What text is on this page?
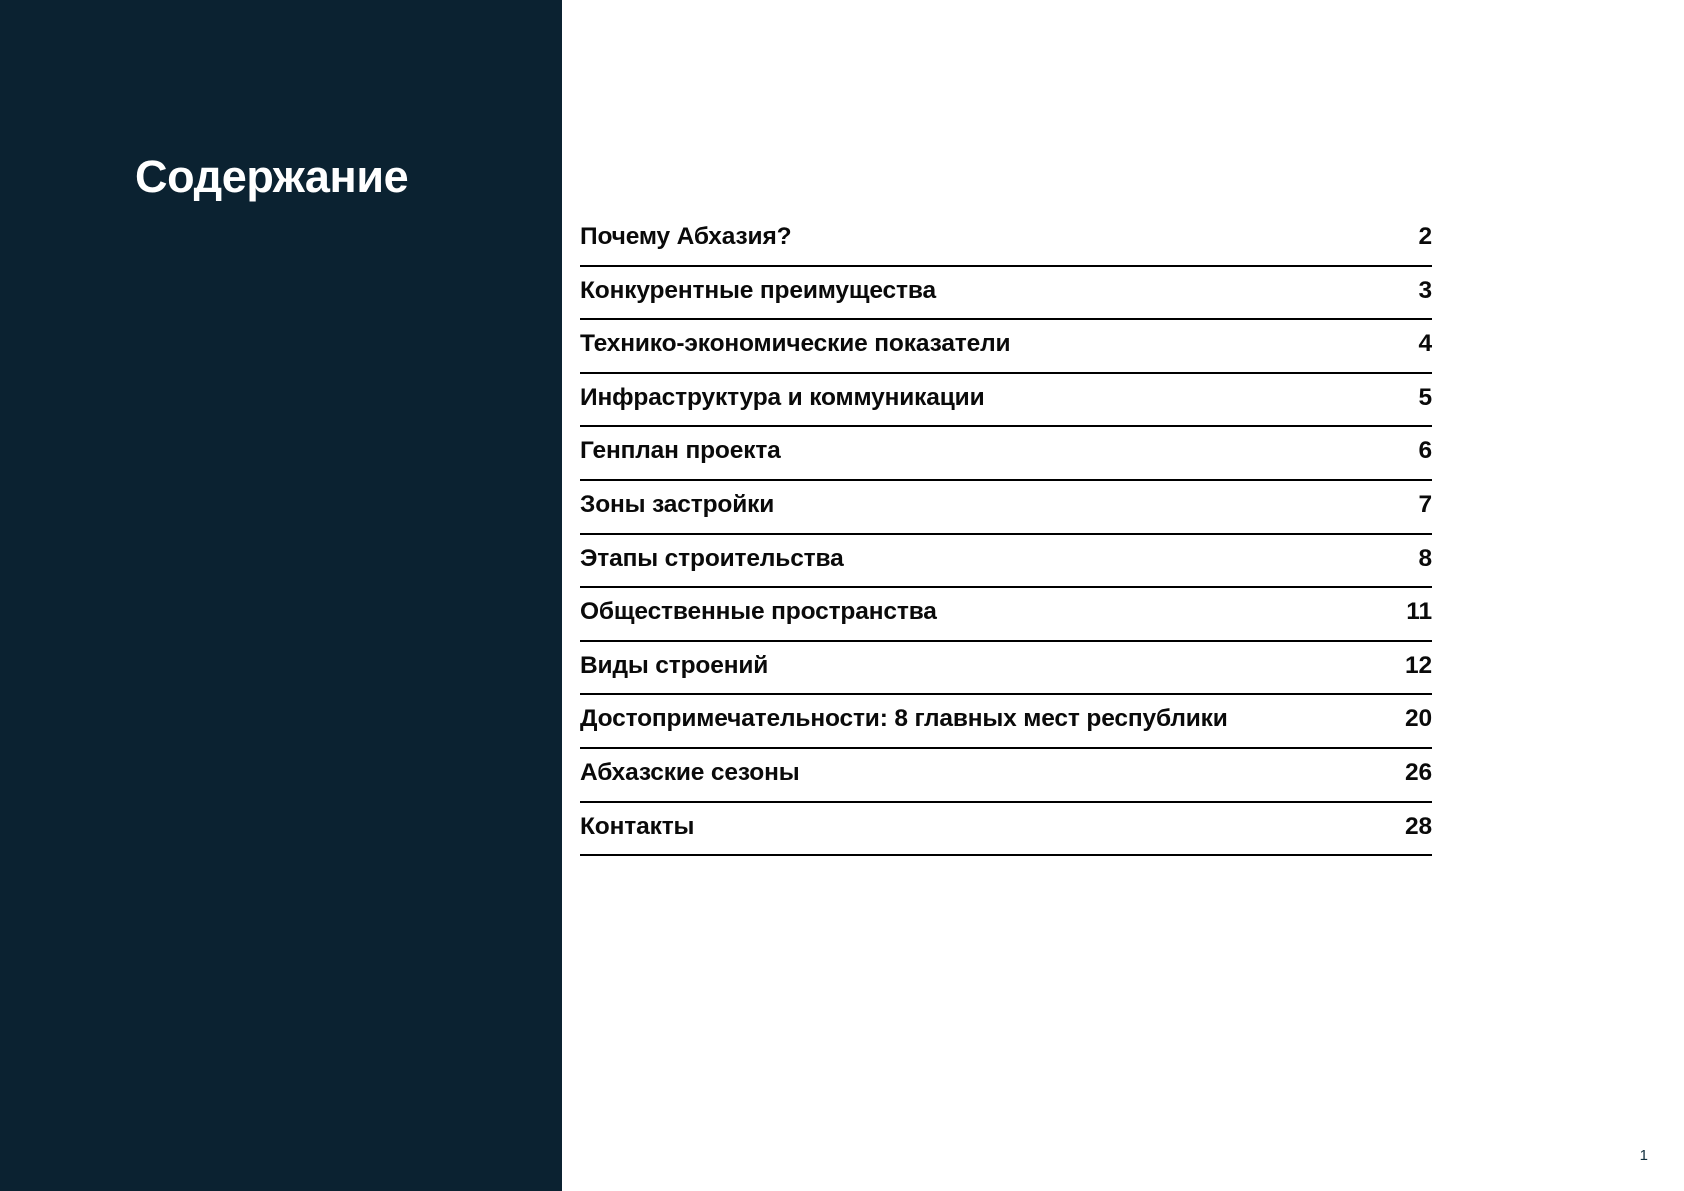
Содержание
Почему Абхазия?	2
Конкурентные преимущества	3
Технико-экономические показатели	4
Инфраструктура и коммуникации	5
Генплан проекта	6
Зоны застройки	7
Этапы строительства	8
Общественные пространства	11
Виды строений	12
Достопримечательности: 8 главных мест республики	20
Абхазские сезоны	26
Контакты	28
1
